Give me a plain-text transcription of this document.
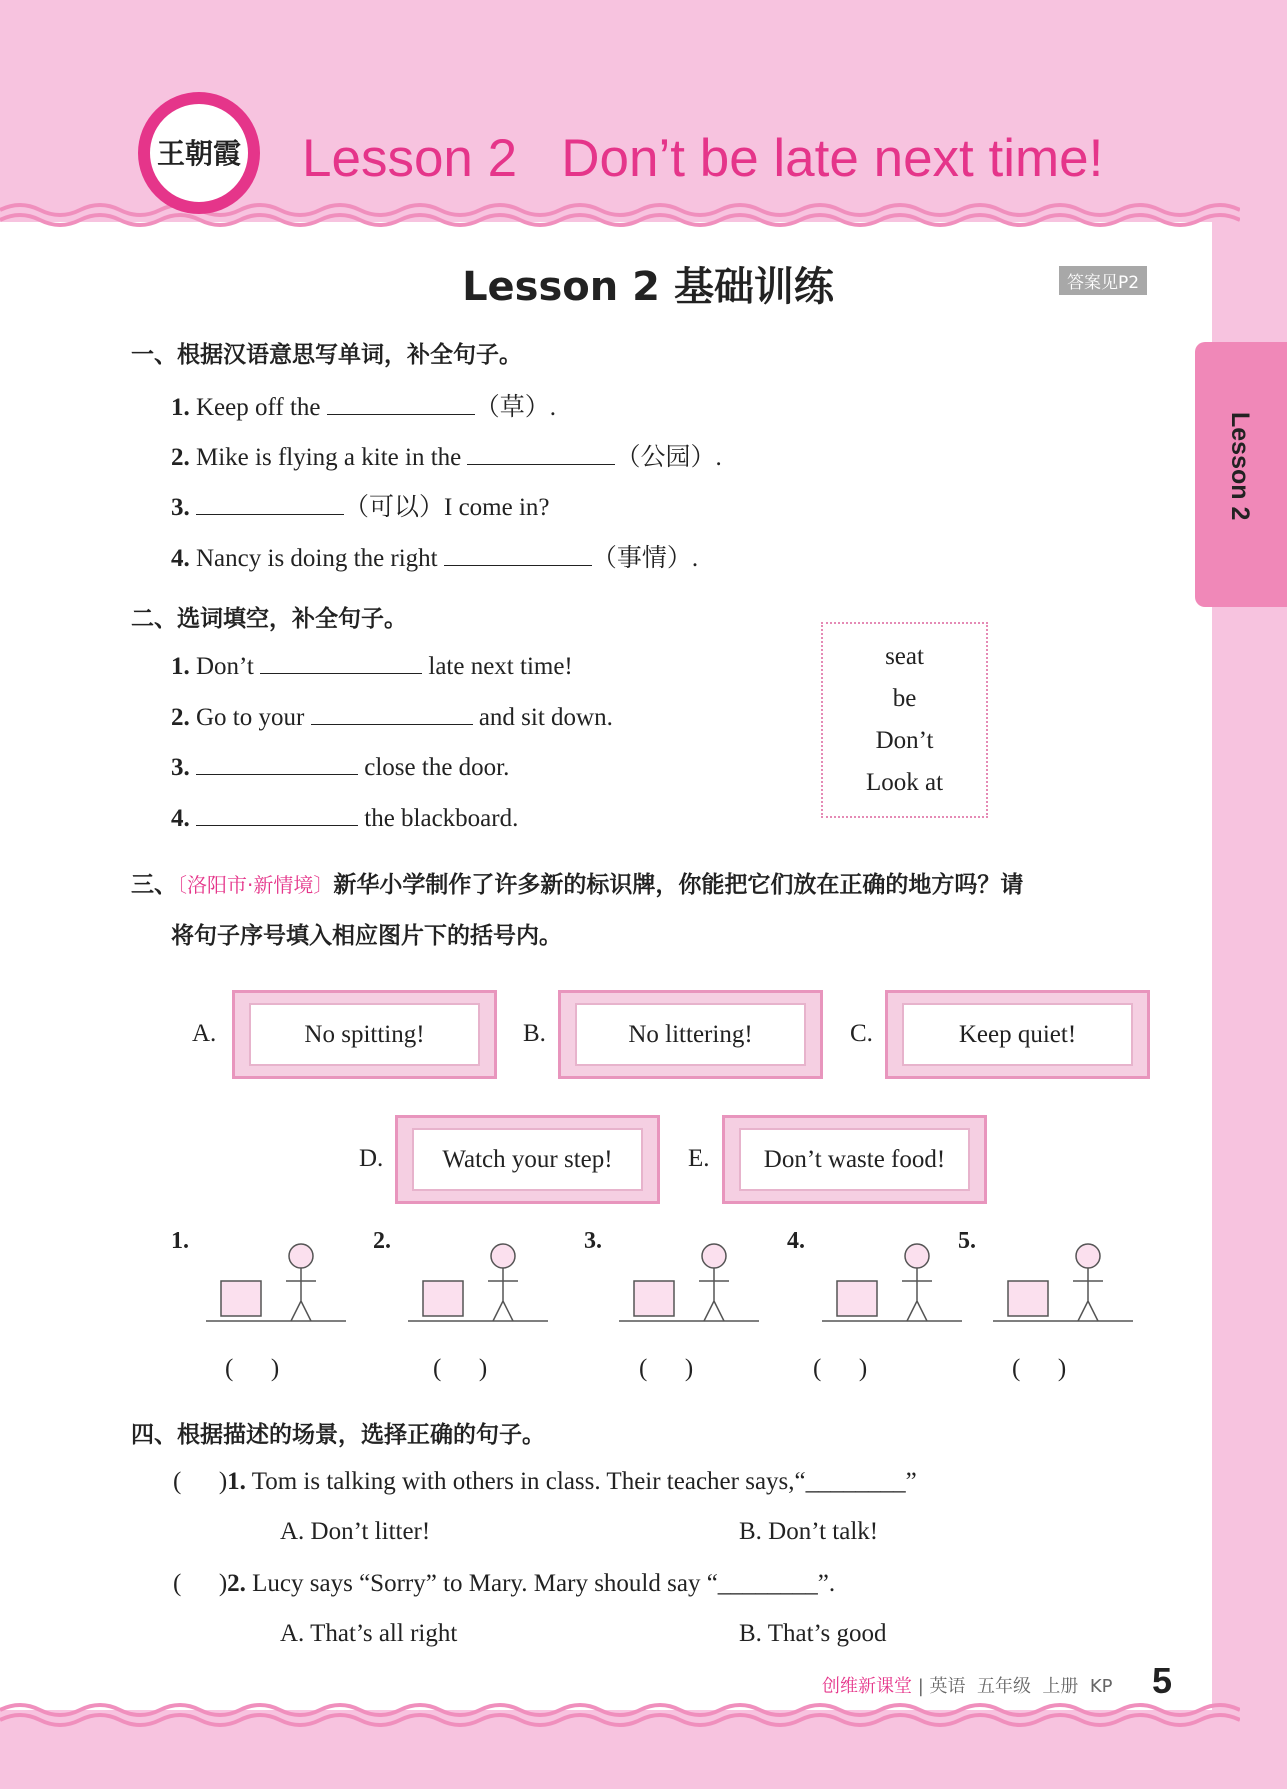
王朝霞 Lesson 2   Don’t be late next time!
Lesson 2
Lesson 2 基础训练	答案见P2
一、根据汉语意思写单词，补全句子。
1. Keep off the	（草）.
2. Mike is flying a kite in the	（公园）.
3.	（可以）I come in?
4. Nancy is doing the right	（事情）.
二、选词填空，补全句子。
1. Don’t	late next time!
2. Go to your	and sit down.
3.	close the door.
4.	the blackboard.
seat
be
Don’t
Look at
三、〔洛阳市·新情境〕新华小学制作了许多新的标识牌，你能把它们放在正确的地方吗？请
将句子序号填入相应图片下的括号内。
A.	No spitting!	B.	No littering!	C.	Keep quiet!
D.	Watch your step!	E.	Don’t waste food!
1.
(      )
2.
(      )
3.
(      )
4.
(      )
5.
(      )
四、根据描述的场景，选择正确的句子。
(      )1. Tom is talking with others in class. Their teacher says,“________”
A. Don’t litter!	B. Don’t talk!
(      )2. Lucy says “Sorry” to Mary. Mary should say “________”.
A. That’s all right	B. That’s good
创维新课堂 | 英语  五年级  上册  KP 5
